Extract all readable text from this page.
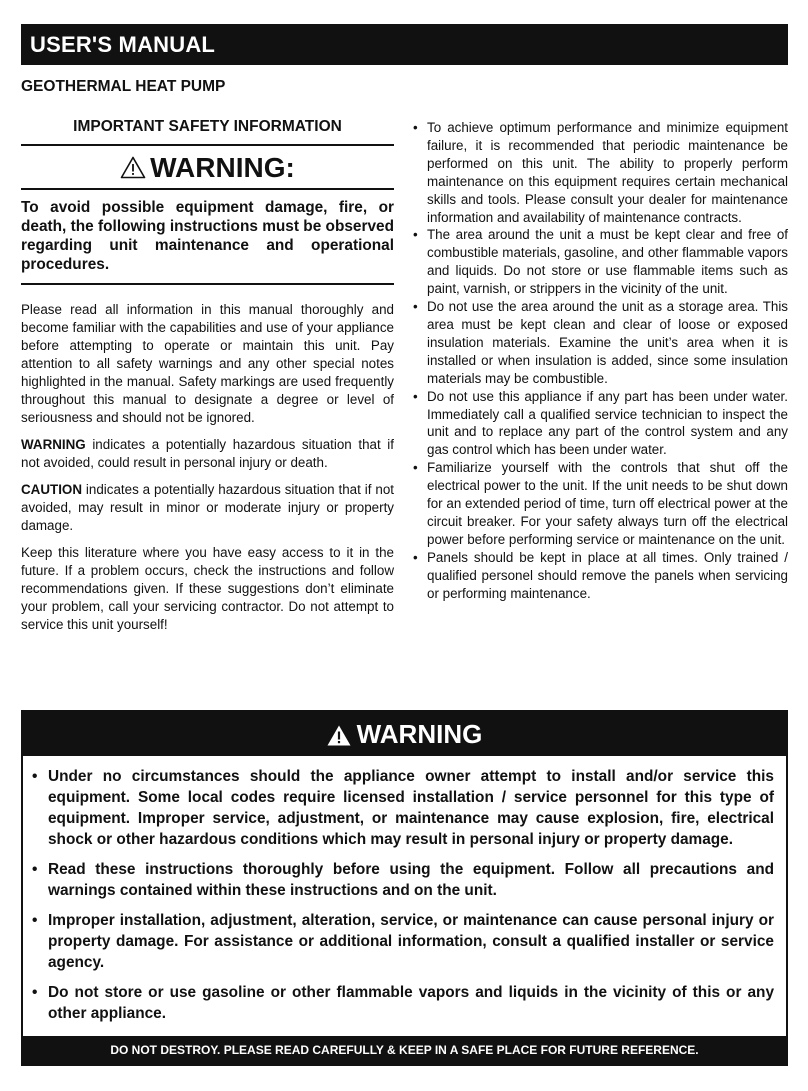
USER'S MANUAL
GEOTHERMAL HEAT PUMP
IMPORTANT SAFETY INFORMATION
WARNING:
To avoid possible equipment damage, fire, or death, the following instructions must be observed regarding unit maintenance and operational procedures.

Please read all information in this manual thoroughly and become familiar with the capabilities and use of your appliance before attempting to operate or maintain this unit. Pay attention to all safety warnings and any other special notes highlighted in the manual. Safety markings are used frequently throughout this manual to designate a degree or level of seriousness and should not be ignored.

WARNING indicates a potentially hazardous situation that if not avoided, could result in personal injury or death.

CAUTION indicates a potentially hazardous situation that if not avoided, may result in minor or moderate injury or property damage.

Keep this literature where you have easy access to it in the future. If a problem occurs, check the instructions and follow recommendations given. If these suggestions don’t eliminate your problem, call your servicing contractor. Do not attempt to service this unit yourself!

• To achieve optimum performance and minimize equipment failure, it is recommended that periodic maintenance be performed on this unit. The ability to properly perform maintenance on this equipment requires certain mechanical skills and tools. Please consult your dealer for maintenance information and availability of maintenance contracts.
• The area around the unit a must be kept clear and free of combustible materials, gasoline, and other flammable vapors and liquids. Do not store or use flammable items such as paint, varnish, or strippers in the vicinity of the unit.
• Do not use the area around the unit as a storage area. This area must be kept clean and clear of loose or exposed insulation materials. Examine the unit’s area when it is installed or when insulation is added, since some insulation materials may be combustible.
• Do not use this appliance if any part has been under water. Immediately call a qualified service technician to inspect the unit and to replace any part of the control system and any gas control which has been under water.
• Familiarize yourself with the controls that shut off the electrical power to the unit. If the unit needs to be shut down for an extended period of time, turn off electrical power at the circuit breaker. For your safety always turn off the electrical power before performing service or maintenance on the unit.
• Panels should be kept in place at all times. Only trained / qualified personel should remove the panels when servicing or performing maintenance.
WARNING
• Under no circumstances should the appliance owner attempt to install and/or service this equipment. Some local codes require licensed installation / service personnel for this type of equipment. Improper service, adjustment, or maintenance may cause explosion, fire, electrical shock or other hazardous conditions which may result in personal injury or property damage.
• Read these instructions thoroughly before using the equipment. Follow all precautions and warnings contained within these instructions and on the unit.
• Improper installation, adjustment, alteration, service, or maintenance can cause personal injury or property damage. For assistance or additional information, consult a qualified installer or service agency.
• Do not store or use gasoline or other flammable vapors and liquids in the vicinity of this or any other appliance.
DO NOT DESTROY. PLEASE READ CAREFULLY & KEEP IN A SAFE PLACE FOR FUTURE REFERENCE.
